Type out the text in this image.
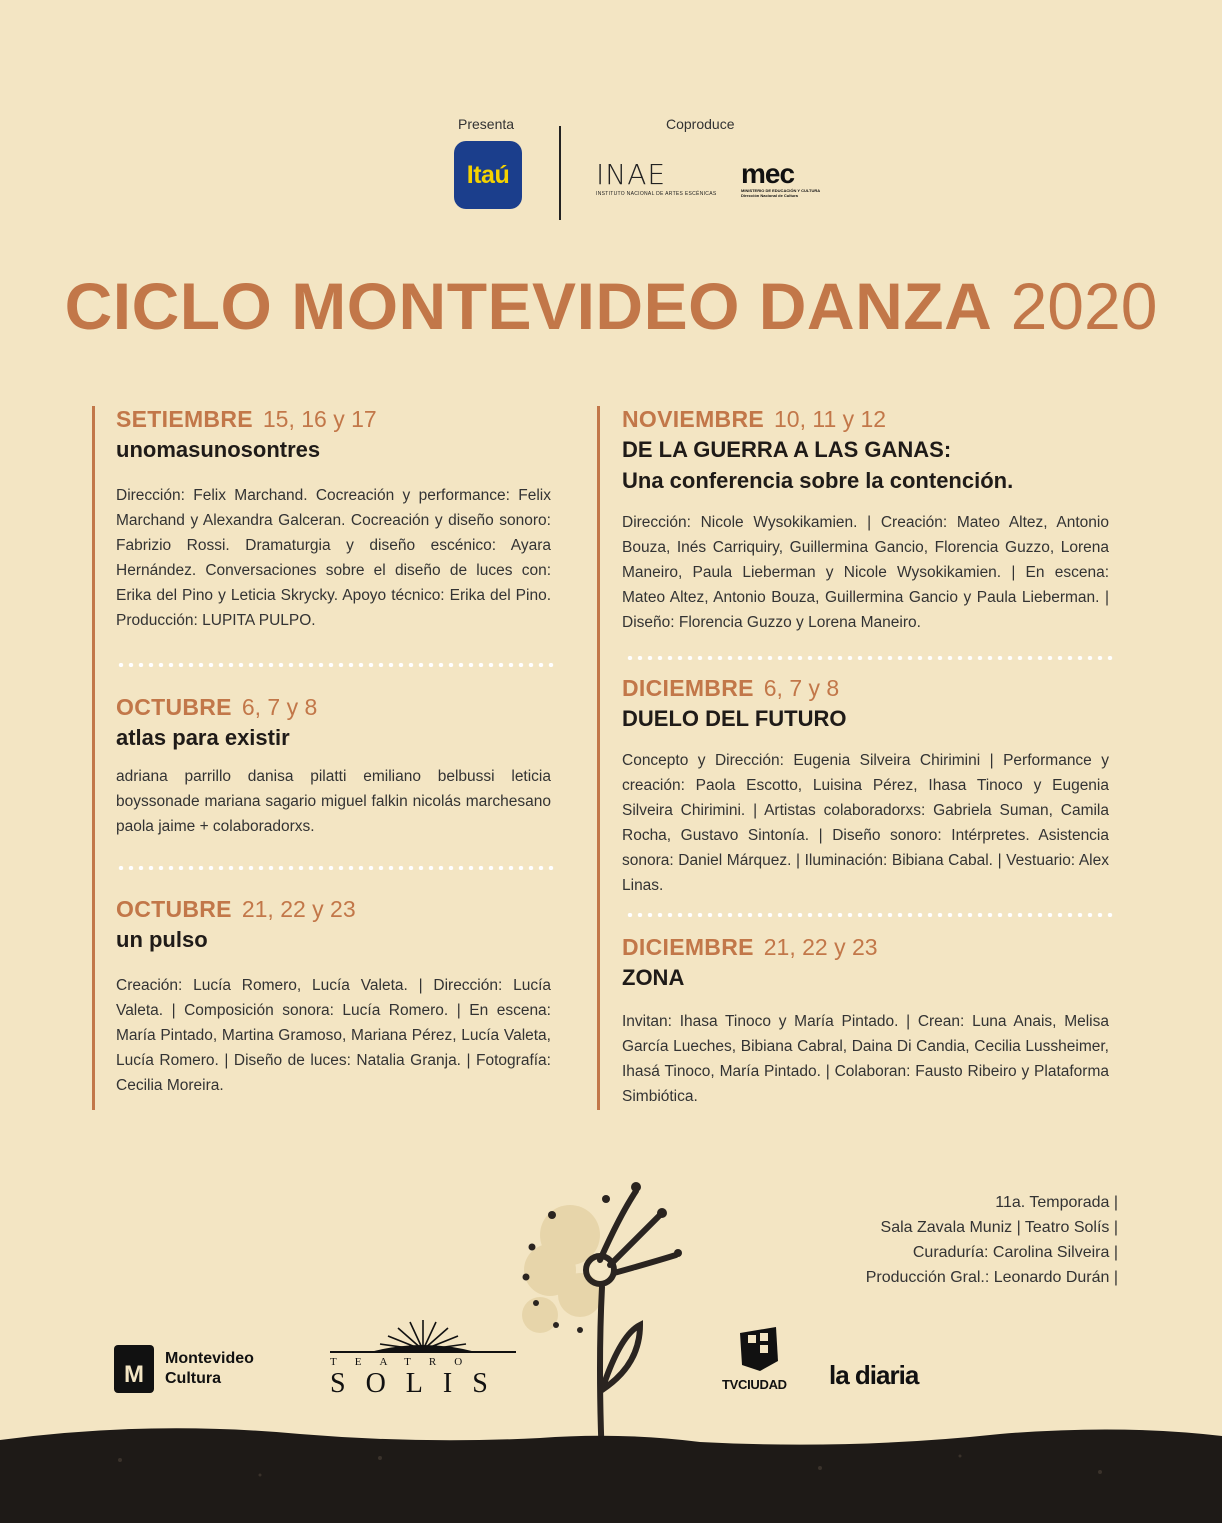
Presenta	Coproduce
Itaú	INAE
INSTITUTO NACIONAL DE ARTES ESCÉNICAS
mec
MINISTERIO DE EDUCACIÓN Y CULTURA
Dirección Nacional de Cultura
CICLO MONTEVIDEO DANZA 2020
SETIEMBRE 15, 16 y 17
unomasunosontres
Dirección: Felix Marchand. Cocreación y performance: Felix Marchand y Alexandra Galceran. Cocreación y diseño sonoro: Fabrizio Rossi. Dramaturgia y diseño escénico: Ayara Hernández. Conversaciones sobre el diseño de luces con: Erika del Pino y Leticia Skrycky. Apoyo técnico: Erika del Pino. Producción: LUPITA PULPO.
OCTUBRE 6, 7 y 8
atlas para existir
adriana parrillo danisa pilatti emiliano belbussi leticia boyssonade mariana sagario miguel falkin nicolás marchesano paola jaime + colaboradorxs.
OCTUBRE 21, 22 y 23
un pulso
Creación: Lucía Romero, Lucía Valeta. | Dirección: Lucía Valeta. | Composición sonora: Lucía Romero. | En escena: María Pintado, Martina Gramoso, Mariana Pérez, Lucía Valeta, Lucía Romero. | Diseño de luces: Natalia Granja. | Fotografía: Cecilia Moreira.
NOVIEMBRE 10, 11 y 12
DE LA GUERRA A LAS GANAS:
Una conferencia sobre la contención.
Dirección: Nicole Wysokikamien. | Creación: Mateo Altez, Antonio Bouza, Inés Carriquiry, Guillermina Gancio, Florencia Guzzo, Lorena Maneiro, Paula Lieberman y Nicole Wysokikamien. | En escena: Mateo Altez, Antonio Bouza, Guillermina Gancio y Paula Lieberman. | Diseño: Florencia Guzzo y Lorena Maneiro.
DICIEMBRE 6, 7 y 8
DUELO DEL FUTURO
Concepto y Dirección: Eugenia Silveira Chirimini | Performance y creación: Paola Escotto, Luisina Pérez, Ihasa Tinoco y Eugenia Silveira Chirimini. | Artistas colaboradorxs: Gabriela Suman, Camila Rocha, Gustavo Sintonía. | Diseño sonoro: Intérpretes. Asistencia sonora: Daniel Márquez. | Iluminación: Bibiana Cabal. | Vestuario: Alex Linas.
DICIEMBRE 21, 22 y 23
ZONA
Invitan: Ihasa Tinoco y María Pintado. | Crean: Luna Anais, Melisa García Lueches, Bibiana Cabral, Daina Di Candia, Cecilia Lussheimer, Ihasá Tinoco, María Pintado. | Colaboran: Fausto Ribeiro y Plataforma Simbiótica.
11a. Temporada |
Sala Zavala Muniz | Teatro Solís |
Curaduría: Carolina Silveira |
Producción Gral.: Leonardo Durán |
M
Montevideo
Cultura
TEATRO
SOLIS	TVCIUDAD la diaria
